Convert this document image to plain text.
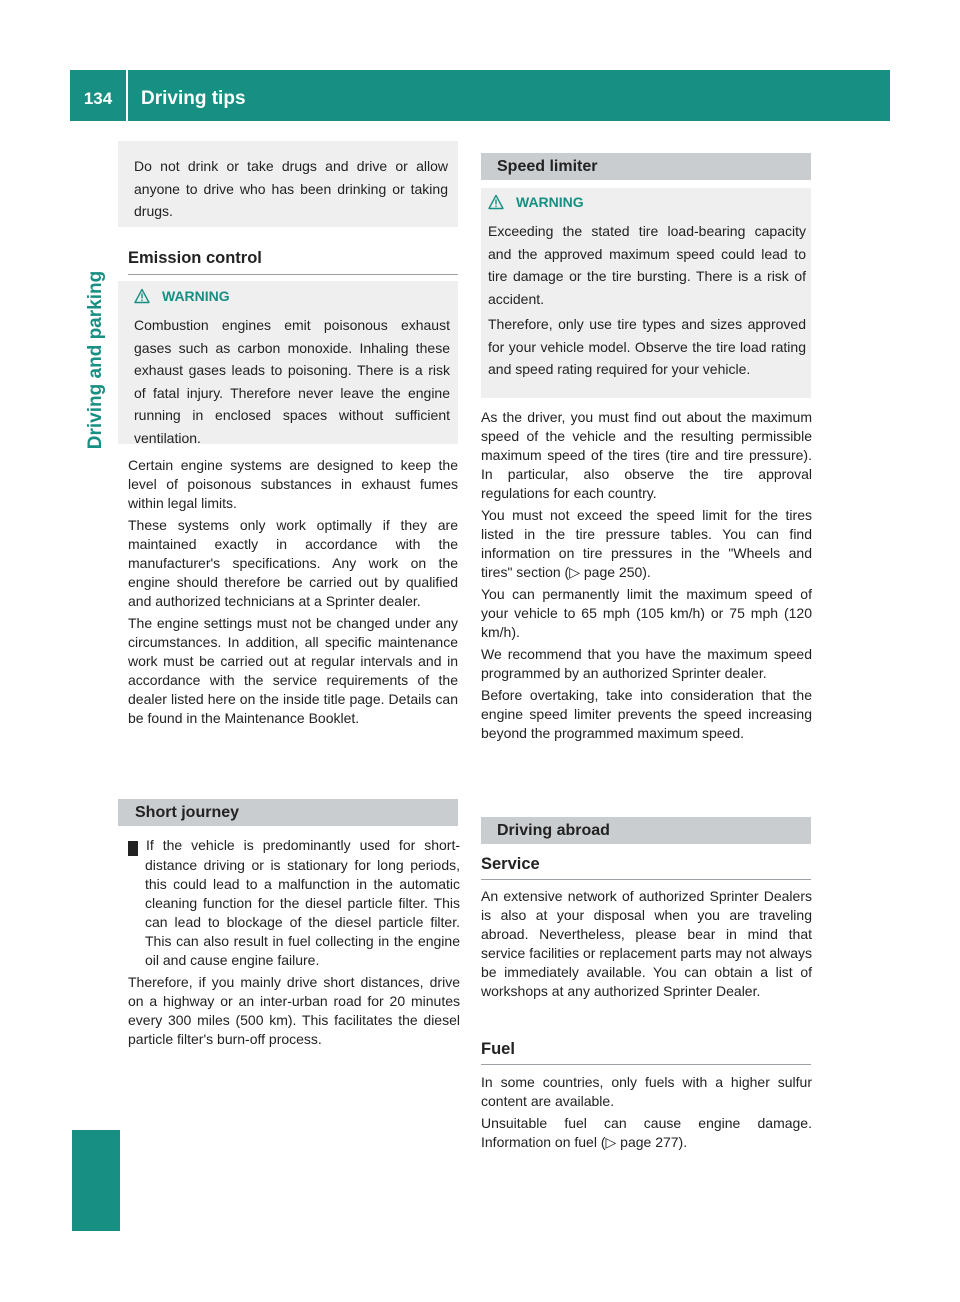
134	Driving tips
Driving and parking

Do not drink or take drugs and drive or allow anyone to drive who has been drinking or taking drugs.

Emission control
WARNING

Combustion engines emit poisonous exhaust gases such as carbon monoxide. Inhaling these exhaust gases leads to poisoning. There is a risk of fatal injury. Therefore never leave the engine running in enclosed spaces without sufficient ventilation.

Certain engine systems are designed to keep the level of poisonous substances in exhaust fumes within legal limits.

These systems only work optimally if they are maintained exactly in accordance with the manufacturer's specifications. Any work on the engine should therefore be carried out by qualified and authorized technicians at a Sprinter dealer.

The engine settings must not be changed under any circumstances. In addition, all specific maintenance work must be carried out at regular intervals and in accordance with the service requirements of the dealer listed here on the inside title page. Details can be found in the Maintenance Booklet.

Short journey

! If the vehicle is predominantly used for short-distance driving or is stationary for long periods, this could lead to a malfunction in the automatic cleaning function for the diesel particle filter. This can lead to blockage of the diesel particle filter. This can also result in fuel collecting in the engine oil and cause engine failure.

Therefore, if you mainly drive short distances, drive on a highway or an inter-urban road for 20 minutes every 300 miles (500 km). This facilitates the diesel particle filter's burn-off process.

Speed limiter
WARNING

Exceeding the stated tire load-bearing capacity and the approved maximum speed could lead to tire damage or the tire bursting. There is a risk of accident.

Therefore, only use tire types and sizes approved for your vehicle model. Observe the tire load rating and speed rating required for your vehicle.

As the driver, you must find out about the maximum speed of the vehicle and the resulting permissible maximum speed of the tires (tire and tire pressure). In particular, also observe the tire approval regulations for each country.

You must not exceed the speed limit for the tires listed in the tire pressure tables. You can find information on tire pressures in the "Wheels and tires" section (▷ page 250).

You can permanently limit the maximum speed of your vehicle to 65 mph (105 km/h) or 75 mph (120 km/h).

We recommend that you have the maximum speed programmed by an authorized Sprinter dealer.

Before overtaking, take into consideration that the engine speed limiter prevents the speed increasing beyond the programmed maximum speed.

Driving abroad
Service

An extensive network of authorized Sprinter Dealers is also at your disposal when you are traveling abroad. Nevertheless, please bear in mind that service facilities or replacement parts may not always be immediately available. You can obtain a list of workshops at any authorized Sprinter Dealer.

Fuel

In some countries, only fuels with a higher sulfur content are available.

Unsuitable fuel can cause engine damage. Information on fuel (▷ page 277).
